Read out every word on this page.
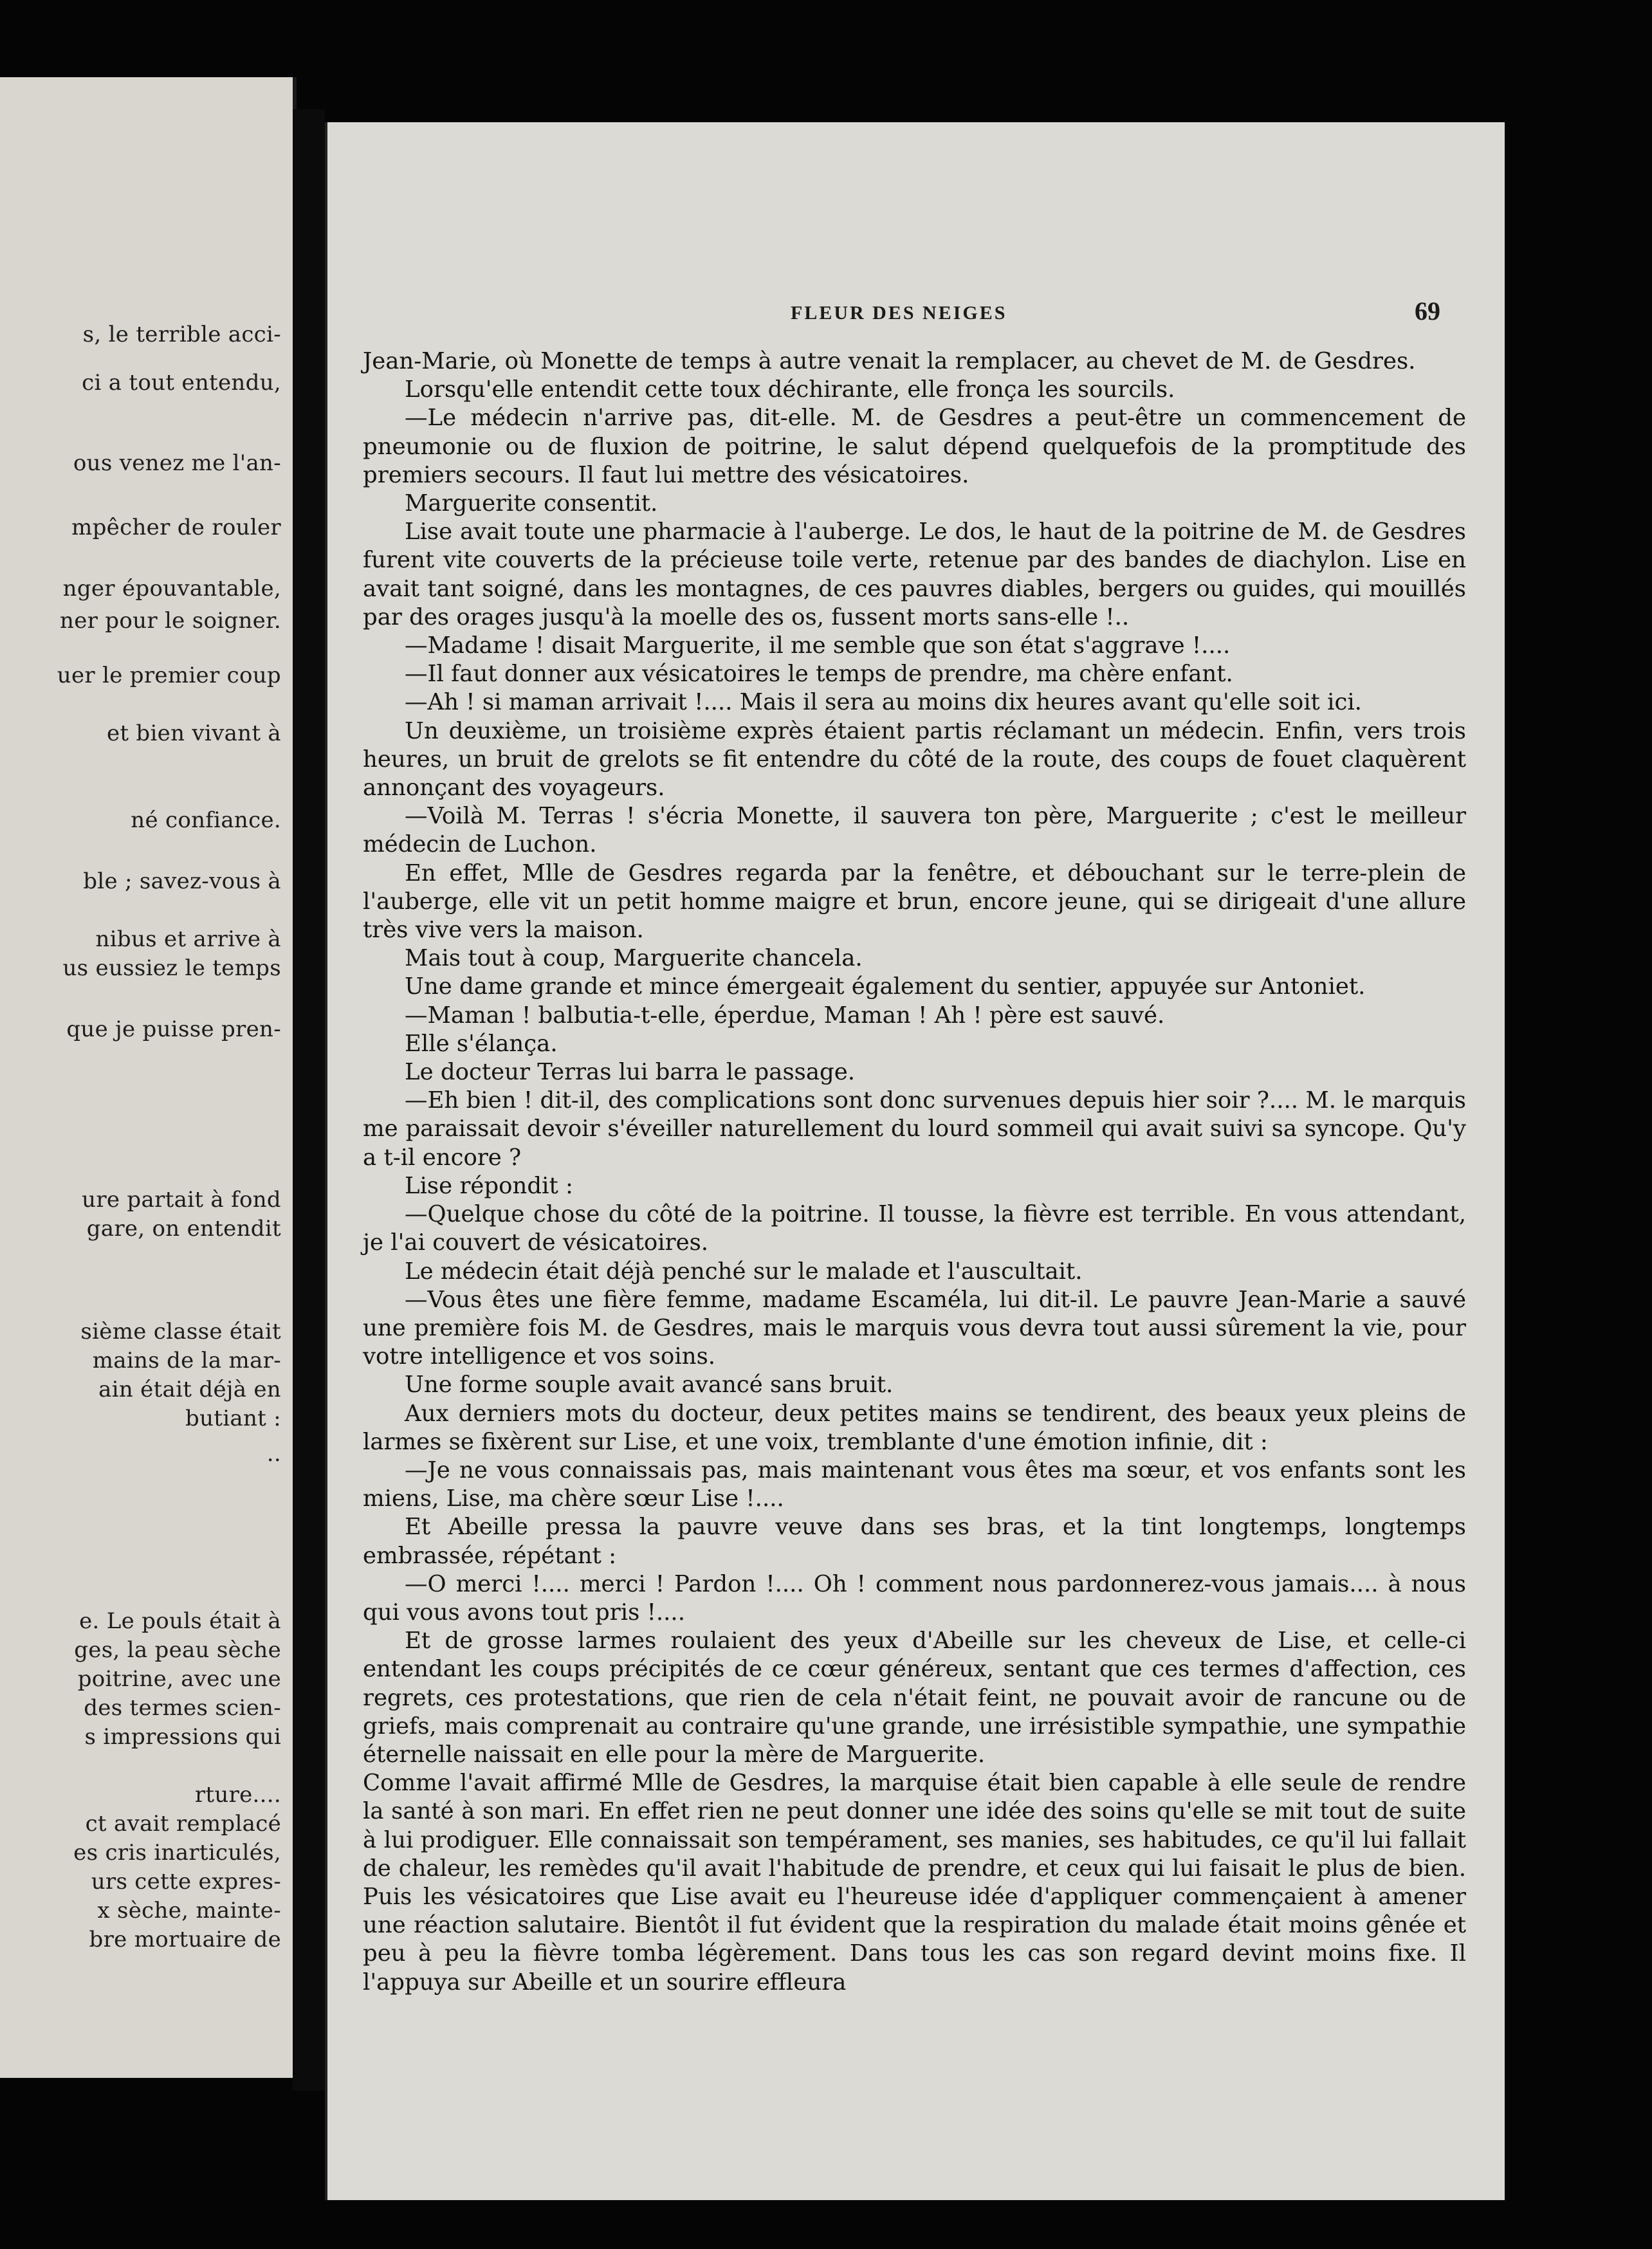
s, le terrible acci-
ci a tout entendu,
ous venez me l'an-
mpêcher de rouler
nger épouvantable,
ner pour le soigner.
uer le premier coup
et bien vivant à
né confiance.
ble ; savez-vous à
nibus et arrive à
us eussiez le temps
que je puisse pren-
ure partait à fond
gare, on entendit
sième classe était
mains de la mar-
ain était déjà en
butiant :
..
e. Le pouls était à
ges, la peau sèche
poitrine, avec une
des termes scien-
s impressions qui
rture....
ct avait remplacé
es cris inarticulés,
urs cette expres-
x sèche, mainte-
bre mortuaire de
FLEUR DES NEIGES	69

Jean-Marie, où Monette de temps à autre venait la remplacer, au chevet de M. de Gesdres.

Lorsqu'elle entendit cette toux déchirante, elle fronça les sourcils.

—Le médecin n'arrive pas, dit-elle. M. de Gesdres a peut-être un commencement de pneumonie ou de fluxion de poitrine, le salut dépend quelquefois de la promptitude des premiers secours. Il faut lui mettre des vésicatoires.

Marguerite consentit.

Lise avait toute une pharmacie à l'auberge. Le dos, le haut de la poitrine de M. de Gesdres furent vite couverts de la précieuse toile verte, retenue par des bandes de diachylon. Lise en avait tant soigné, dans les montagnes, de ces pauvres diables, bergers ou guides, qui mouillés par des orages jusqu'à la moelle des os, fussent morts sans-elle !..

—Madame ! disait Marguerite, il me semble que son état s'aggrave !....

—Il faut donner aux vésicatoires le temps de prendre, ma chère enfant.

—Ah ! si maman arrivait !.... Mais il sera au moins dix heures avant qu'elle soit ici.

Un deuxième, un troisième exprès étaient partis réclamant un médecin. Enfin, vers trois heures, un bruit de grelots se fit entendre du côté de la route, des coups de fouet claquèrent annonçant des voyageurs.

—Voilà M. Terras ! s'écria Monette, il sauvera ton père, Marguerite ; c'est le meilleur médecin de Luchon.

En effet, Mlle de Gesdres regarda par la fenêtre, et débouchant sur le terre-plein de l'auberge, elle vit un petit homme maigre et brun, encore jeune, qui se dirigeait d'une allure très vive vers la maison.

Mais tout à coup, Marguerite chancela.

Une dame grande et mince émergeait également du sentier, appuyée sur Antoniet.

—Maman ! balbutia-t-elle, éperdue, Maman ! Ah ! père est sauvé.

Elle s'élança.

Le docteur Terras lui barra le passage.

—Eh bien ! dit-il, des complications sont donc survenues depuis hier soir ?.... M. le marquis me paraissait devoir s'éveiller naturellement du lourd sommeil qui avait suivi sa syncope. Qu'y a t-il encore ?

Lise répondit :

—Quelque chose du côté de la poitrine. Il tousse, la fièvre est terrible. En vous attendant, je l'ai couvert de vésicatoires.

Le médecin était déjà penché sur le malade et l'auscultait.

—Vous êtes une fière femme, madame Escaméla, lui dit-il. Le pauvre Jean-Marie a sauvé une première fois M. de Gesdres, mais le marquis vous devra tout aussi sûrement la vie, pour votre intelligence et vos soins.

Une forme souple avait avancé sans bruit.

Aux derniers mots du docteur, deux petites mains se tendirent, des beaux yeux pleins de larmes se fixèrent sur Lise, et une voix, tremblante d'une émotion infinie, dit :

—Je ne vous connaissais pas, mais maintenant vous êtes ma sœur, et vos enfants sont les miens, Lise, ma chère sœur Lise !....

Et Abeille pressa la pauvre veuve dans ses bras, et la tint longtemps, longtemps embrassée, répétant :

—O merci !.... merci ! Pardon !.... Oh ! comment nous pardonnerez-vous jamais.... à nous qui vous avons tout pris !....

Et de grosse larmes roulaient des yeux d'Abeille sur les cheveux de Lise, et celle-ci entendant les coups précipités de ce cœur généreux, sentant que ces termes d'affection, ces regrets, ces protestations, que rien de cela n'était feint, ne pouvait avoir de rancune ou de griefs, mais comprenait au contraire qu'une grande, une irrésistible sympathie, une sympathie éternelle naissait en elle pour la mère de Marguerite.

Comme l'avait affirmé Mlle de Gesdres, la marquise était bien capable à elle seule de rendre la santé à son mari. En effet rien ne peut donner une idée des soins qu'elle se mit tout de suite à lui prodiguer. Elle connaissait son tempérament, ses manies, ses habitudes, ce qu'il lui fallait de chaleur, les remèdes qu'il avait l'habitude de prendre, et ceux qui lui faisait le plus de bien. Puis les vésicatoires que Lise avait eu l'heureuse idée d'appliquer commençaient à amener une réaction salutaire. Bientôt il fut évident que la respiration du malade était moins gênée et peu à peu la fièvre tomba légèrement. Dans tous les cas son regard devint moins fixe. Il l'appuya sur Abeille et un sourire effleura
